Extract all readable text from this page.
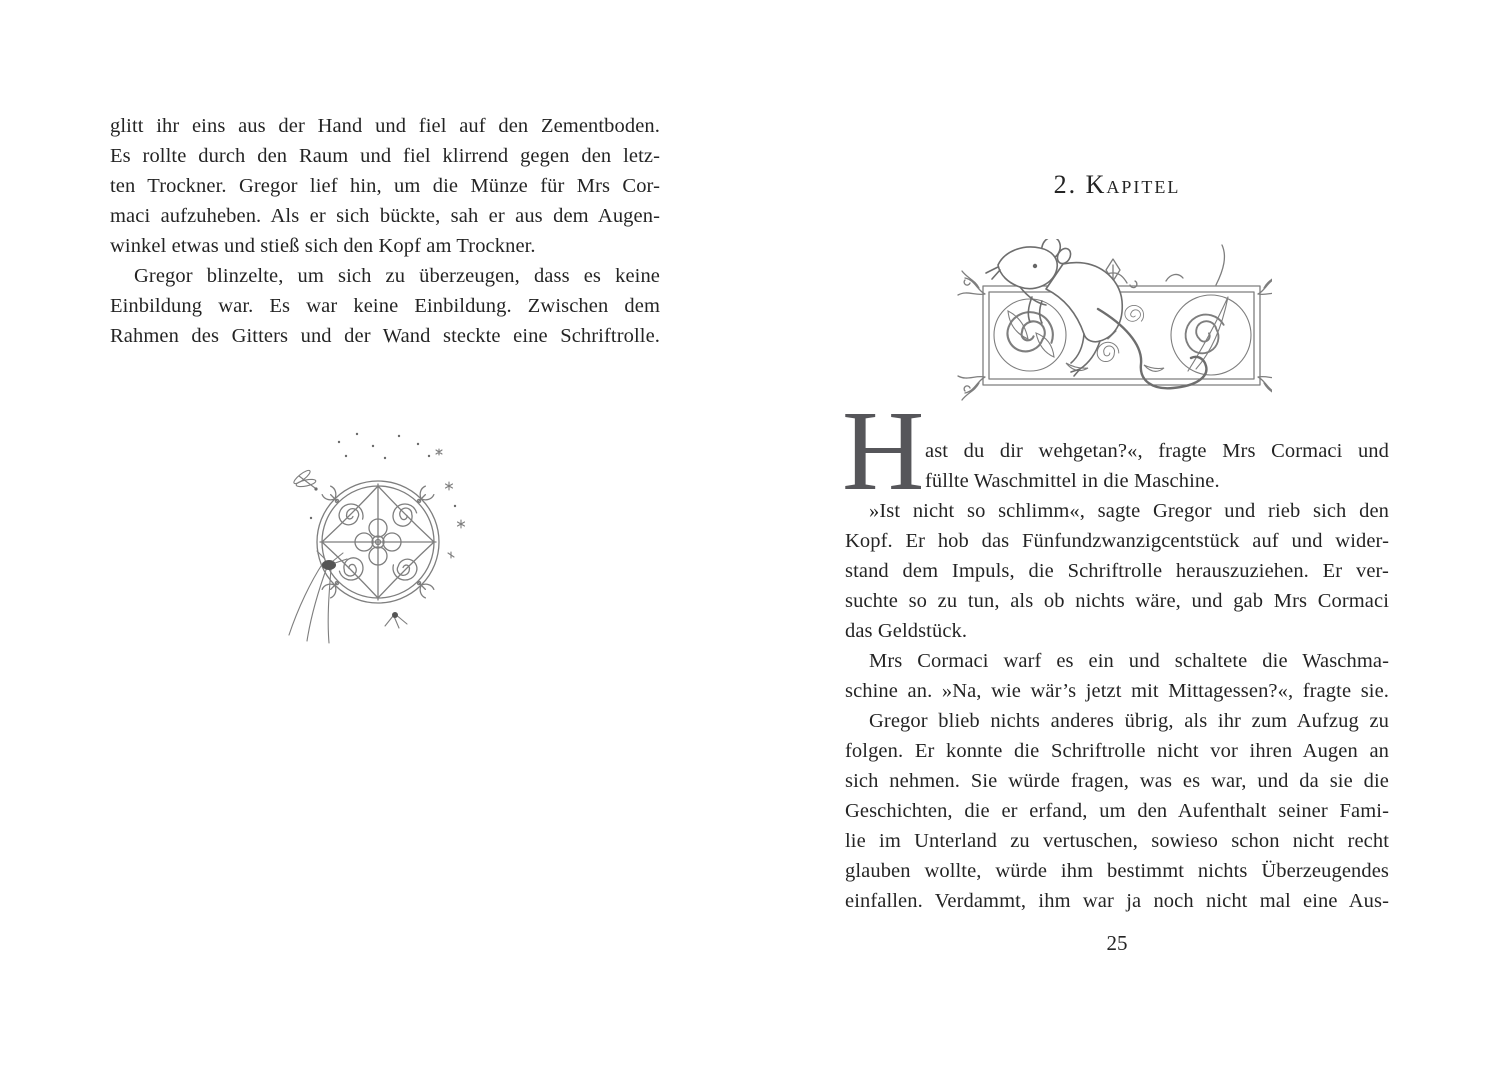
glitt ihr eins aus der Hand und fiel auf den Zementboden.
Es rollte durch den Raum und fiel klirrend gegen den letz-
ten Trockner. Gregor lief hin, um die Münze für Mrs Cor-
maci aufzuheben. Als er sich bückte, sah er aus dem Augen-
winkel etwas und stieß sich den Kopf am Trockner.
Gregor blinzelte, um sich zu überzeugen, dass es keine
Einbildung war. Es war keine Einbildung. Zwischen dem
Rahmen des Gitters und der Wand steckte eine Schriftrolle.
2. Kapitel
H ast du dir wehgetan?«, fragte Mrs Cormaci und
füllte Waschmittel in die Maschine.
»Ist nicht so schlimm«, sagte Gregor und rieb sich den
Kopf. Er hob das Fünfundzwanzigcentstück auf und wider-
stand dem Impuls, die Schriftrolle herauszuziehen. Er ver-
suchte so zu tun, als ob nichts wäre, und gab Mrs Cormaci
das Geldstück.
Mrs Cormaci warf es ein und schaltete die Waschma-
schine an. »Na, wie wär’s jetzt mit Mittagessen?«, fragte sie.
Gregor blieb nichts anderes übrig, als ihr zum Aufzug zu
folgen. Er konnte die Schriftrolle nicht vor ihren Augen an
sich nehmen. Sie würde fragen, was es war, und da sie die
Geschichten, die er erfand, um den Aufenthalt seiner Fami-
lie im Unterland zu vertuschen, sowieso schon nicht recht
glauben wollte, würde ihm bestimmt nichts Überzeugendes
einfallen. Verdammt, ihm war ja noch nicht mal eine Aus-
25
